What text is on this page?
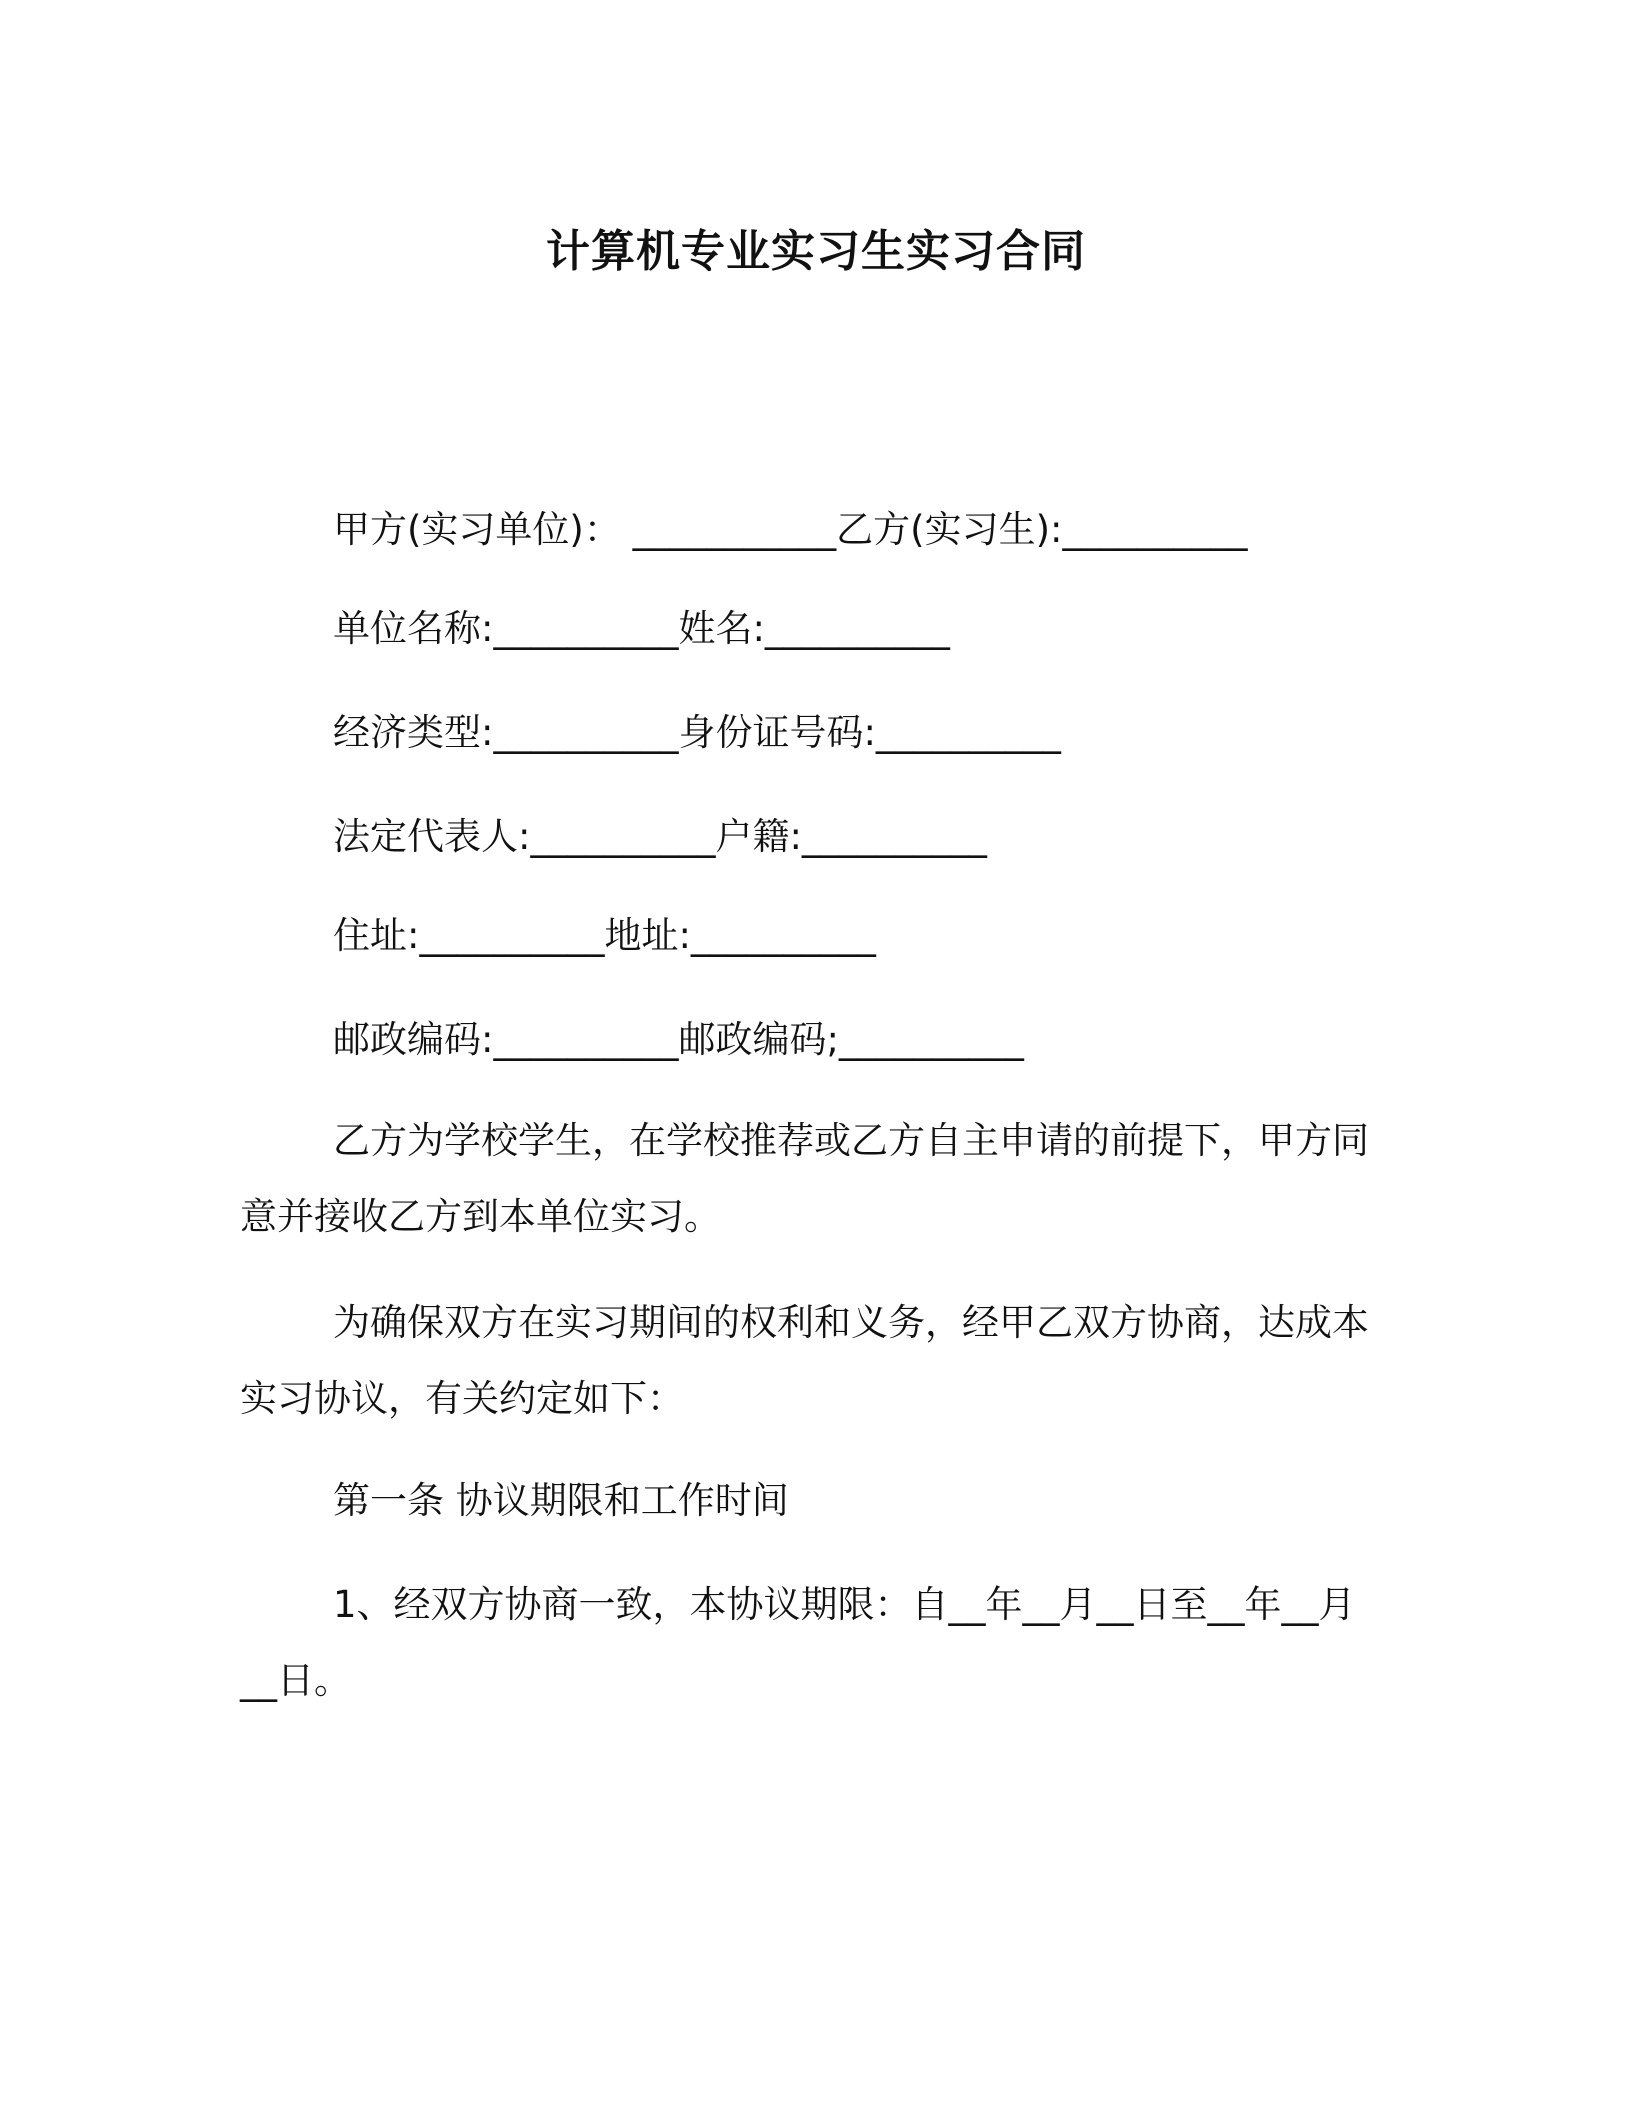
计算机专业实习生实习合同

甲方(实习单位)： ___________乙方(实习生):__________

单位名称:__________姓名:__________

经济类型:__________身份证号码:__________

法定代表人:__________户籍:__________

住址:__________地址:__________

邮政编码:__________邮政编码;__________

乙方为学校学生，在学校推荐或乙方自主申请的前提下，甲方同意并接收乙方到本单位实习。

为确保双方在实习期间的权利和义务，经甲乙双方协商，达成本实习协议，有关约定如下：

第一条 协议期限和工作时间

1、经双方协商一致，本协议期限：自__年__月__日至__年__月__日。
